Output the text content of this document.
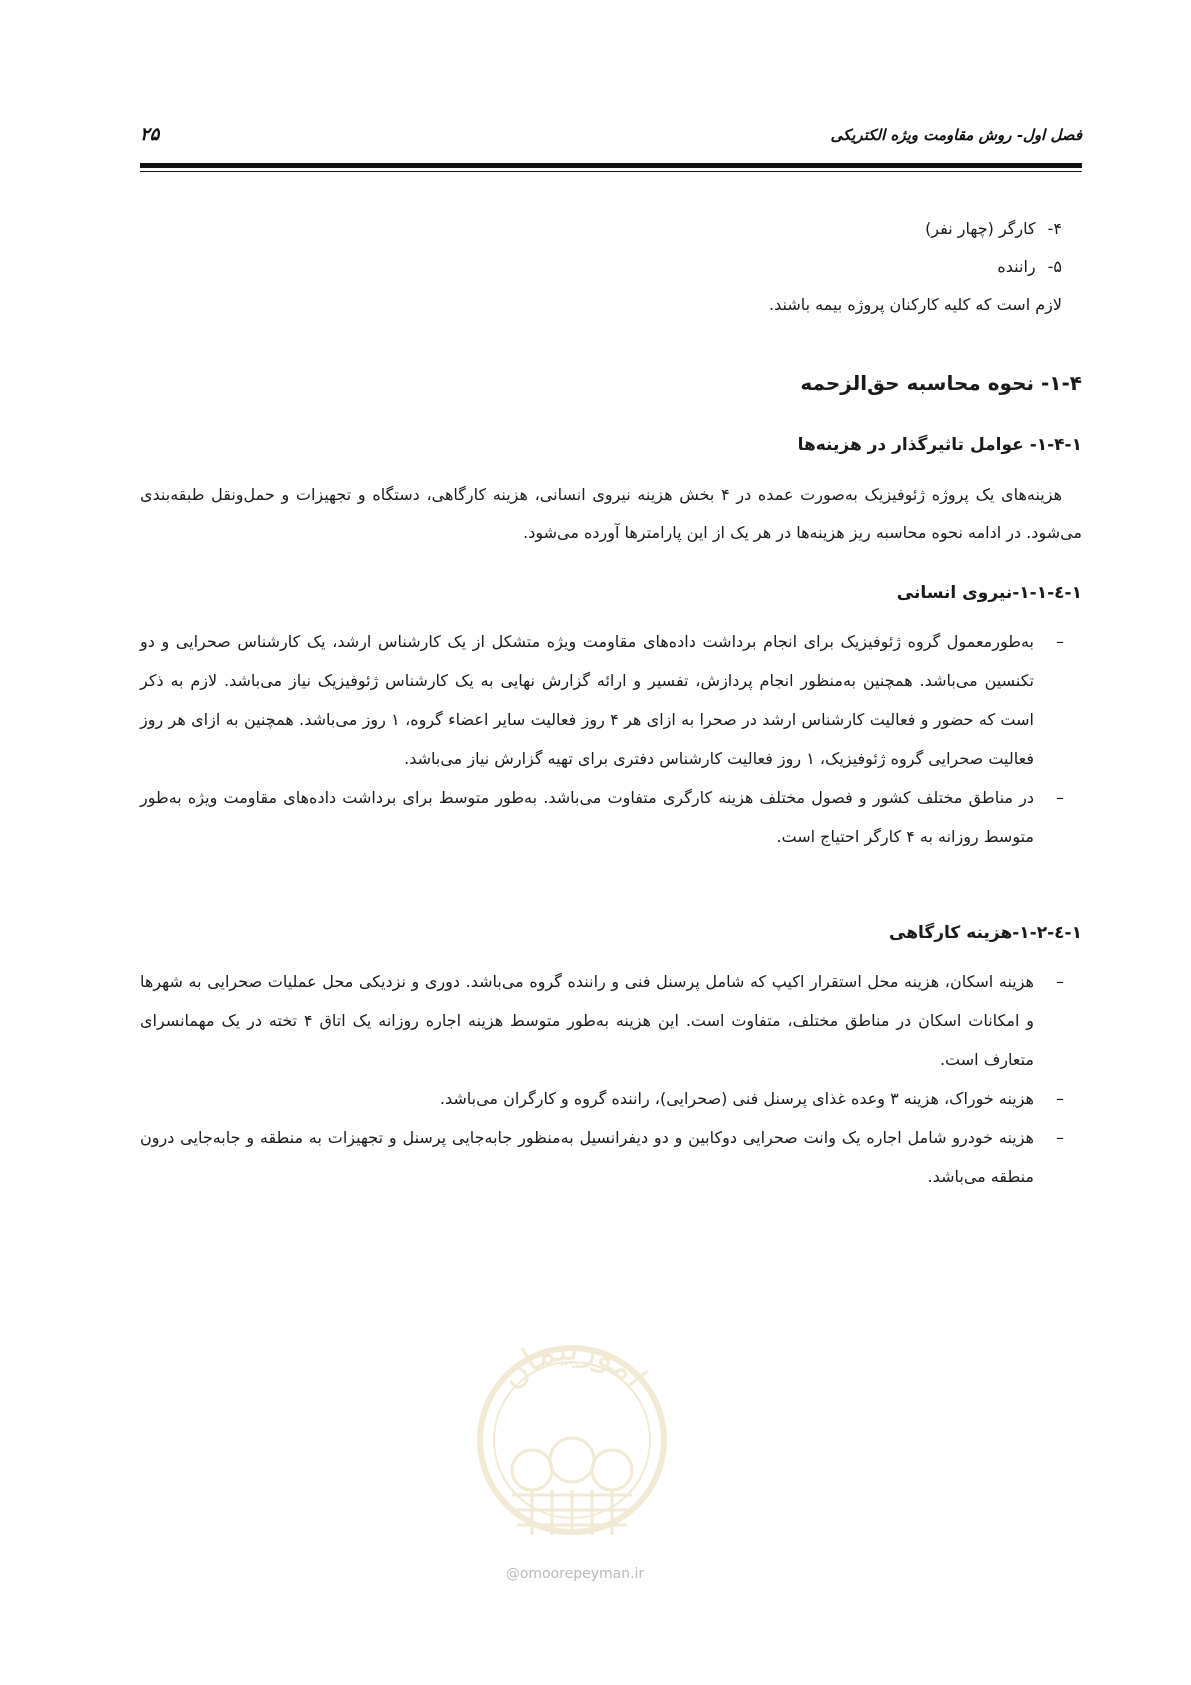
فصل اول- روش مقاومت ویژه الکتریکی
۲۵
۴-کارگر (چهار نفر)
۵-راننده
لازم است که کلیه کارکنان پروژه بیمه باشند.
۱-۴- نحوه محاسبه حق‌الزحمه
۱-۴-۱- عوامل تاثیرگذار در هزینه‌ها
هزینه‌های یک پروژه ژئوفیزیک به‌صورت عمده در ۴ بخش هزینه نیروی انسانی، هزینه کارگاهی، دستگاه و تجهیزات و حمل‌ونقل طبقه‌بندی می‌شود. در ادامه نحوه محاسبه ریز هزینه‌ها در هر یک از این پارامترها آورده می‌شود.
۱-٤-۱-۱-نیروی انسانی
–
به‌طورمعمول گروه ژئوفیزیک برای انجام برداشت داده‌های مقاومت ویژه متشکل از یک کارشناس ارشد، یک کارشناس صحرایی و دو تکنسین می‌باشد. همچنین به‌منظور انجام پردازش، تفسیر و ارائه گزارش نهایی به یک کارشناس ژئوفیزیک نیاز می‌باشد. لازم به ذکر است که حضور و فعالیت کارشناس ارشد در صحرا به ازای هر ۴ روز فعالیت سایر اعضاء گروه، ۱ روز می‌باشد. همچنین به ازای هر روز فعالیت صحرایی گروه ژئوفیزیک، ۱ روز فعالیت کارشناس دفتری برای تهیه گزارش نیاز می‌باشد.
–
در مناطق مختلف کشور و فصول مختلف هزینه کارگری متفاوت می‌باشد. به‌طور متوسط برای برداشت داده‌های مقاومت ویژه به‌طور متوسط روزانه به ۴ کارگر احتیاج است.
۱-٤-۱-۲-هزینه کارگاهی
–
هزینه اسکان، هزینه محل استقرار اکیپ که شامل پرسنل فنی و راننده گروه می‌باشد. دوری و نزدیکی محل عملیات صحرایی به شهرها و امکانات اسکان در مناطق مختلف، متفاوت است. این هزینه به‌طور متوسط هزینه اجاره روزانه یک اتاق ۴ تخته در یک مهمانسرای متعارف است.
–
هزینه خوراک، هزینه ۳ وعده غذای پرسنل فنی (صحرایی)، راننده گروه و کارگران می‌باشد.
–
هزینه خودرو شامل اجاره یک وانت صحرایی دوکابین و دو دیفرانسیل به‌منظور جابه‌جایی پرسنل و تجهیزات به منطقه و جابه‌جایی درون منطقه می‌باشد.
امورپیمان
@omoorepeyman.ir
